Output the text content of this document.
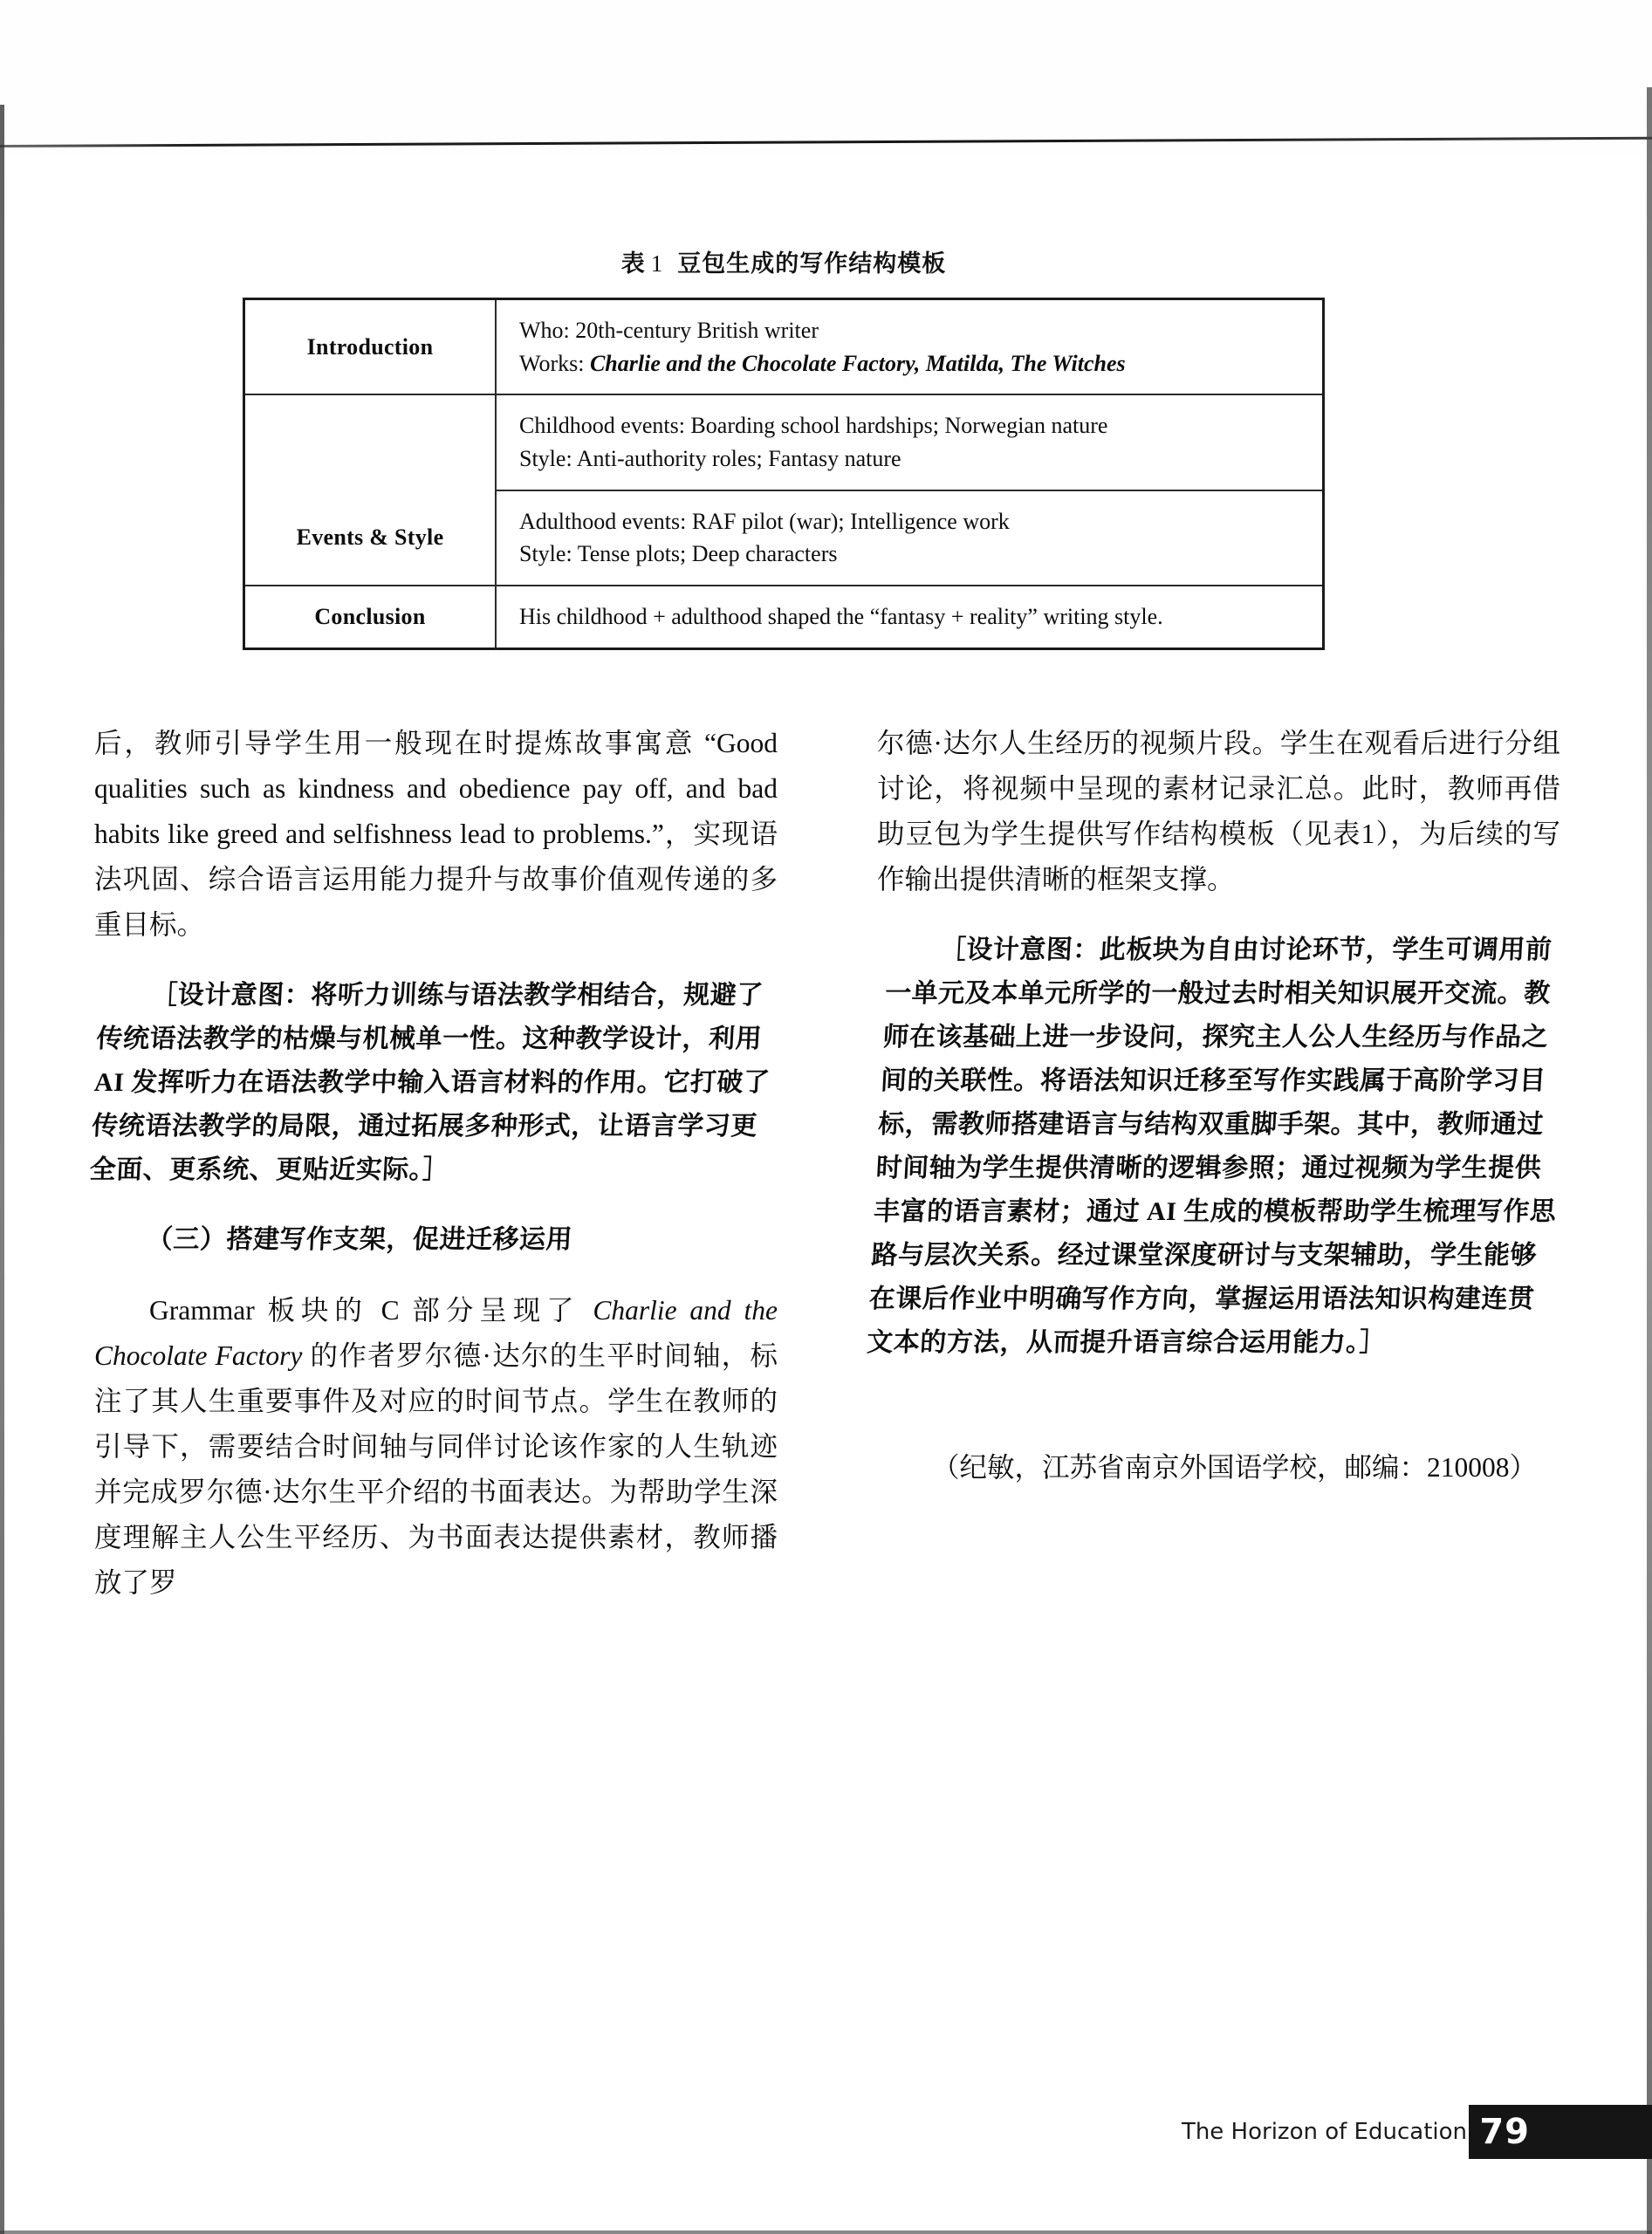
表 1 豆包生成的写作结构模板
Introduction	Who: 20th-century British writer
Works: Charlie and the Chocolate Factory, Matilda, The Witches

	Childhood events: Boarding school hardships; Norwegian nature
Style: Anti-authority roles; Fantasy nature

Events & Style	Adulthood events: RAF pilot (war); Intelligence work
Style: Tense plots; Deep characters

Conclusion	His childhood + adulthood shaped the “fantasy + reality” writing style.

后，教师引导学生用一般现在时提炼故事寓意 “Good qualities such as kindness and obedience pay off, and bad habits like greed and selfishness lead to problems.”，实现语法巩固、综合语言运用能力提升与故事价值观传递的多重目标。

［设计意图：将听力训练与语法教学相结合，规避了传统语法教学的枯燥与机械单一性。这种教学设计，利用 AI 发挥听力在语法教学中输入语言材料的作用。它打破了传统语法教学的局限，通过拓展多种形式，让语言学习更全面、更系统、更贴近实际。］

（三）搭建写作支架，促进迁移运用

Grammar 板块的 C 部分呈现了 Charlie and the Chocolate Factory 的作者罗尔德·达尔的生平时间轴，标注了其人生重要事件及对应的时间节点。学生在教师的引导下，需要结合时间轴与同伴讨论该作家的人生轨迹并完成罗尔德·达尔生平介绍的书面表达。为帮助学生深度理解主人公生平经历、为书面表达提供素材，教师播放了罗

尔德·达尔人生经历的视频片段。学生在观看后进行分组讨论，将视频中呈现的素材记录汇总。此时，教师再借助豆包为学生提供写作结构模板（见表1），为后续的写作输出提供清晰的框架支撑。

［设计意图：此板块为自由讨论环节，学生可调用前一单元及本单元所学的一般过去时相关知识展开交流。教师在该基础上进一步设问，探究主人公人生经历与作品之间的关联性。将语法知识迁移至写作实践属于高阶学习目标，需教师搭建语言与结构双重脚手架。其中，教师通过时间轴为学生提供清晰的逻辑参照；通过视频为学生提供丰富的语言素材；通过 AI 生成的模板帮助学生梳理写作思路与层次关系。经过课堂深度研讨与支架辅助，学生能够在课后作业中明确写作方向，掌握运用语法知识构建连贯文本的方法，从而提升语言综合运用能力。］

（纪敏，江苏省南京外国语学校，邮编：210008）

The Horizon of Education 79
